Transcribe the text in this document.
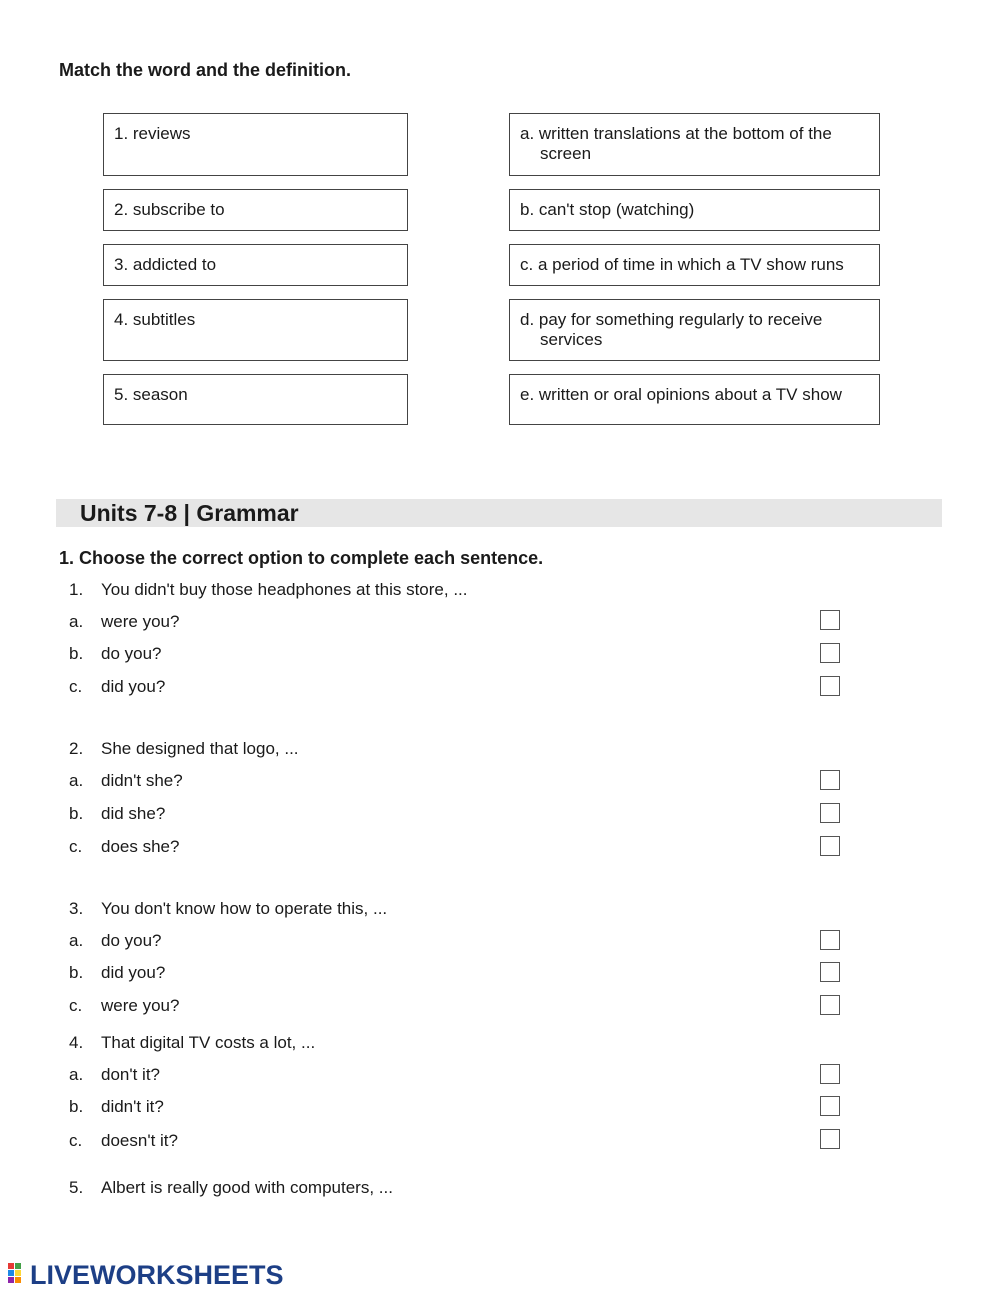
Match the word and the definition.
1. reviews
2. subscribe to
3. addicted to
4. subtitles
5. season
a. written translations at the bottom of the screen
b. can't stop (watching)
c. a period of time in which a TV show runs
d. pay for something regularly to receive services
e. written or oral opinions about a TV show
Units 7-8 | Grammar
1. Choose the correct option to complete each sentence.
1. You didn't buy those headphones at this store, ...
a. were you?
b. do you?
c. did you?
2. She designed that logo, ...
a. didn't she?
b. did she?
c. does she?
3. You don't know how to operate this, ...
a. do you?
b. did you?
c. were you?
4. That digital TV costs a lot, ...
a. don't it?
b. didn't it?
c. doesn't it?
5. Albert is really good with computers, ...
LIVEWORKSHEETS
